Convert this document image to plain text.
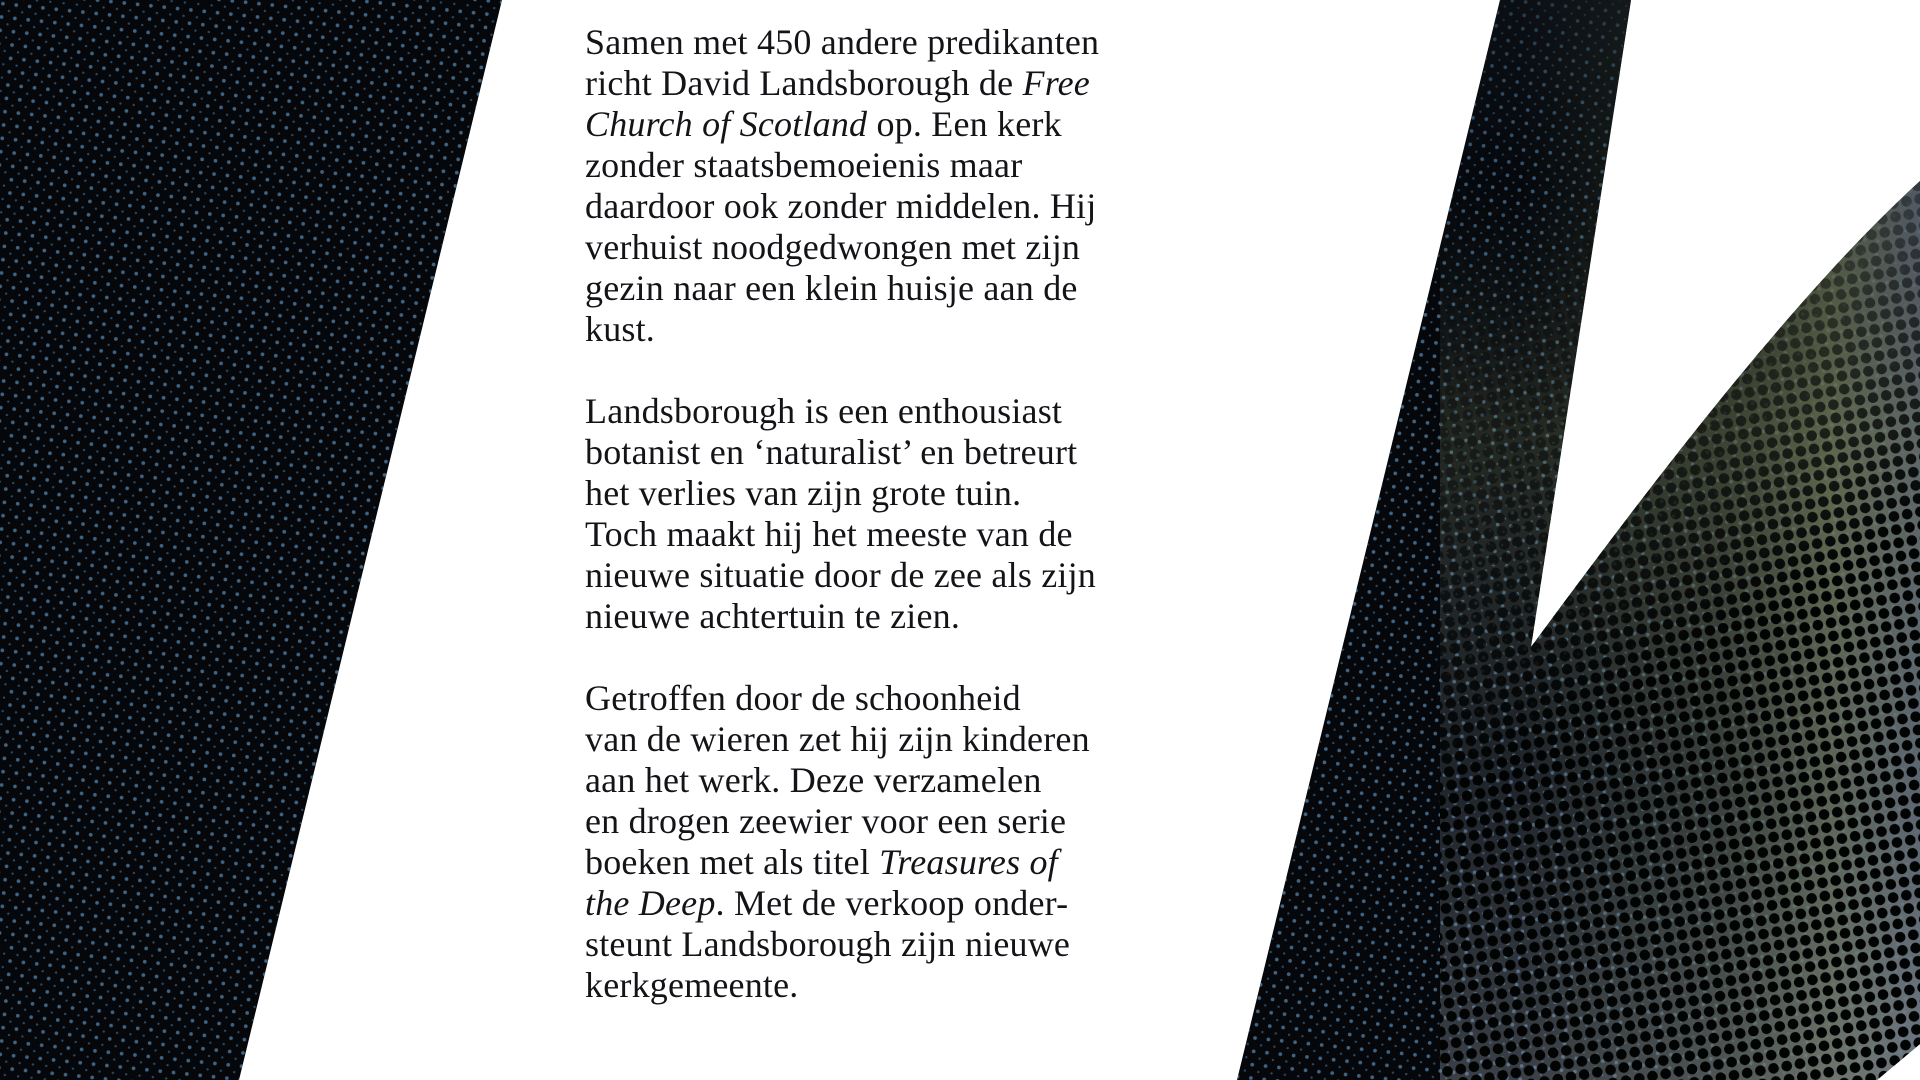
Samen met 450 andere predikanten
richt David Landsborough de Free
Church of Scotland op. Een kerk
zonder staatsbemoeienis maar
daardoor ook zonder middelen. Hij
verhuist noodgedwongen met zijn
gezin naar een klein huisje aan de
kust.
Landsborough is een enthousiast
botanist en ‘naturalist’ en betreurt
het verlies van zijn grote tuin.
Toch maakt hij het meeste van de
nieuwe situatie door de zee als zijn
nieuwe achtertuin te zien.
Getroffen door de schoonheid
van de wieren zet hij zijn kinderen
aan het werk. Deze verzamelen
en drogen zeewier voor een serie
boeken met als titel Treasures of
the Deep. Met de verkoop onder-
steunt Landsborough zijn nieuwe
kerkgemeente.
